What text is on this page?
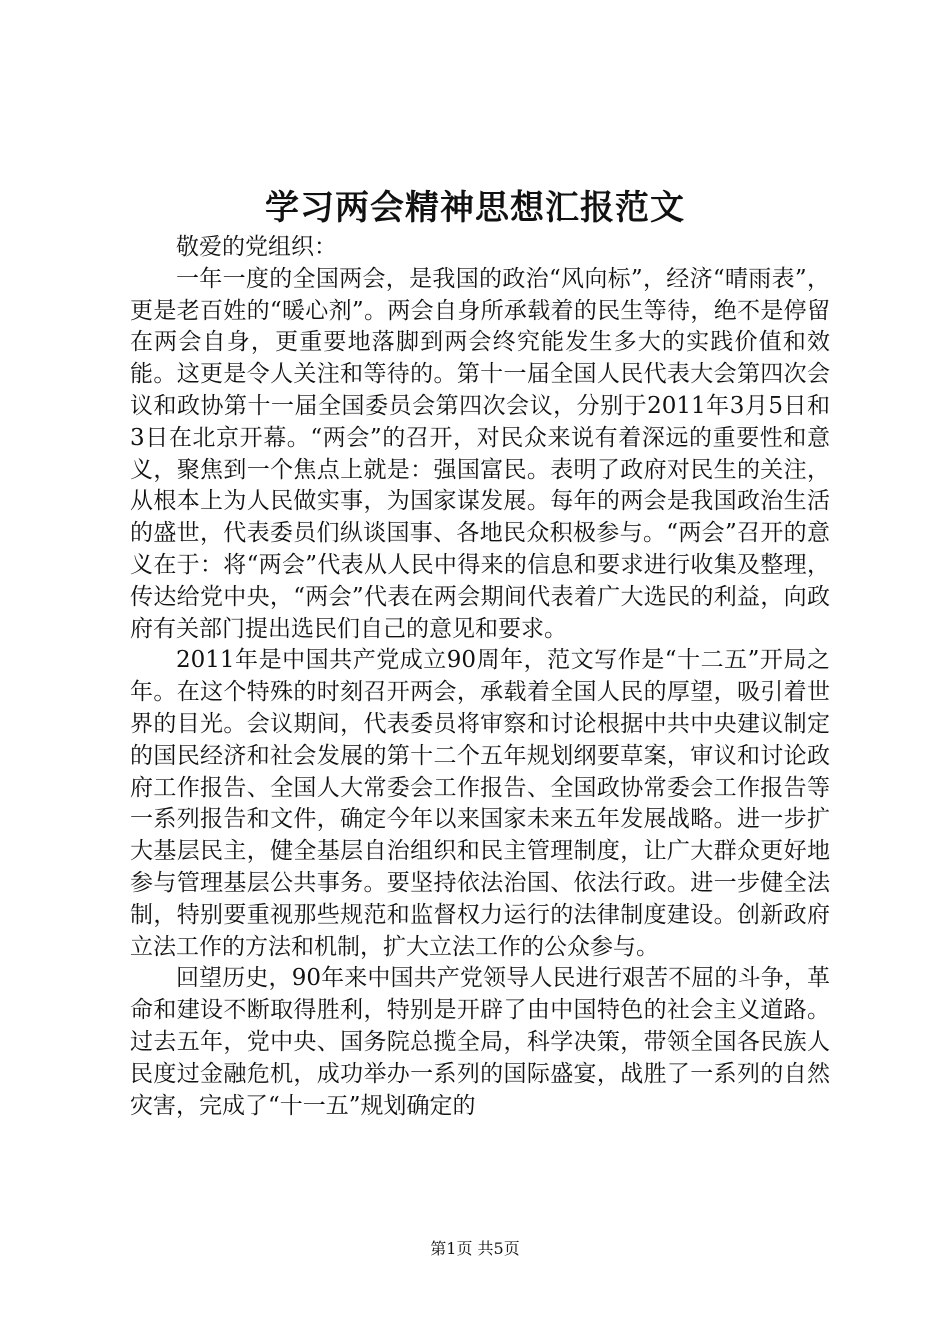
学习两会精神思想汇报范文

敬爱的党组织：

一年一度的全国两会，是我国的政治“风向标”，经济“晴雨表”，更是老百姓的“暖心剂”。两会自身所承载着的民生等待，绝不是停留在两会自身，更重要地落脚到两会终究能发生多大的实践价值和效能。这更是令人关注和等待的。第十一届全国人民代表大会第四次会议和政协第十一届全国委员会第四次会议，分别于2011年3月5日和3日在北京开幕。“两会”的召开，对民众来说有着深远的重要性和意义，聚焦到一个焦点上就是：强国富民。表明了政府对民生的关注，从根本上为人民做实事，为国家谋发展。每年的两会是我国政治生活的盛世，代表委员们纵谈国事、各地民众积极参与。“两会”召开的意义在于：将“两会”代表从人民中得来的信息和要求进行收集及整理，传达给党中央，“两会”代表在两会期间代表着广大选民的利益，向政府有关部门提出选民们自己的意见和要求。

2011年是中国共产党成立90周年，范文写作是“十二五”开局之年。在这个特殊的时刻召开两会，承载着全国人民的厚望，吸引着世界的目光。会议期间，代表委员将审察和讨论根据中共中央建议制定的国民经济和社会发展的第十二个五年规划纲要草案，审议和讨论政府工作报告、全国人大常委会工作报告、全国政协常委会工作报告等一系列报告和文件，确定今年以来国家未来五年发展战略。进一步扩大基层民主，健全基层自治组织和民主管理制度，让广大群众更好地参与管理基层公共事务。要坚持依法治国、依法行政。进一步健全法制，特别要重视那些规范和监督权力运行的法律制度建设。创新政府立法工作的方法和机制，扩大立法工作的公众参与。

回望历史，90年来中国共产党领导人民进行艰苦不屈的斗争，革命和建设不断取得胜利，特别是开辟了由中国特色的社会主义道路。过去五年，党中央、国务院总揽全局，科学决策，带领全国各民族人民度过金融危机，成功举办一系列的国际盛宴，战胜了一系列的自然灾害，完成了“十一五”规划确定的

第1页 共5页
